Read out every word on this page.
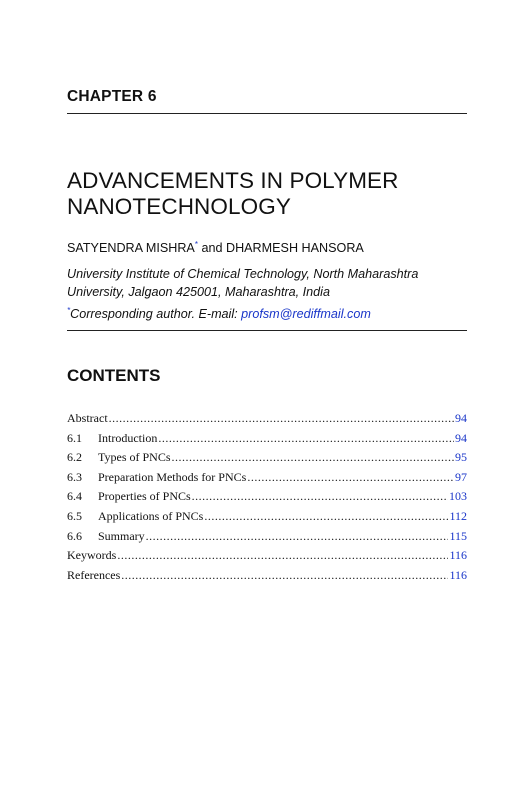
CHAPTER 6
ADVANCEMENTS IN POLYMER
NANOTECHNOLOGY
SATYENDRA MISHRA* and DHARMESH HANSORA
University Institute of Chemical Technology, North Maharashtra
University, Jalgaon 425001, Maharashtra, India
*Corresponding author. E-mail: profsm@rediffmail.com
CONTENTS
Abstract .....	94
6.1	Introduction .....	94
6.2	Types of PNCs .....	95
6.3	Preparation Methods for PNCs .....	97
6.4	Properties of PNCs .....	103
6.5	Applications of PNCs .....	112
6.6	Summary .....	115
Keywords .....	116
References .....	116
